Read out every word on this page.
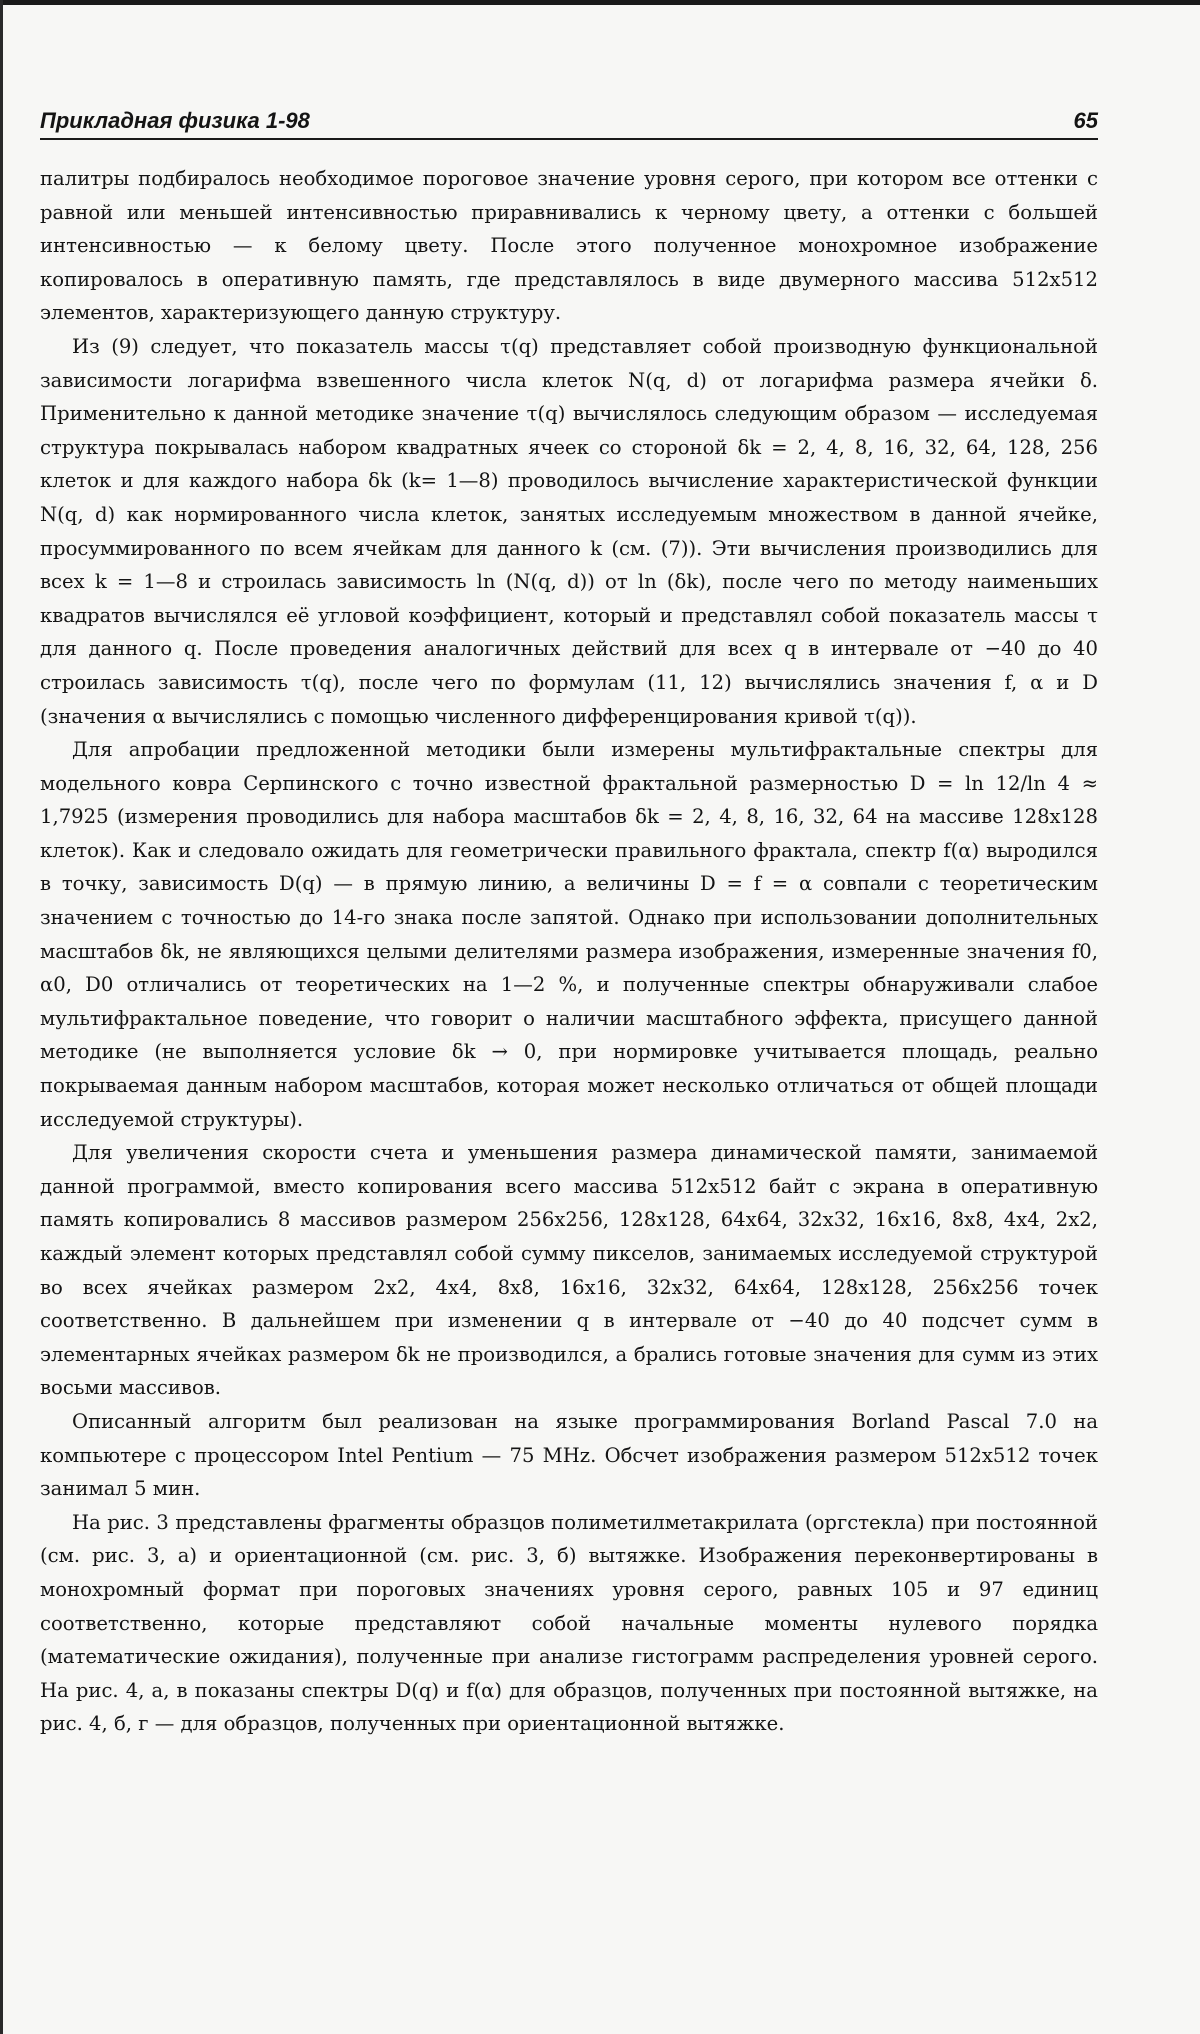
Прикладная физика 1-98	65

палитры подбиралось необходимое пороговое значение уровня серого, при котором все оттенки с равной или меньшей интенсивностью приравнивались к черному цвету, а оттенки с большей интенсивностью — к белому цвету. После этого полученное монохромное изображение копировалось в оперативную память, где представлялось в виде двумерного массива 512х512 элементов, характеризующего данную структуру.

Из (9) следует, что показатель массы τ(q) представляет собой производную функциональной зависимости логарифма взвешенного числа клеток N(q, d) от логарифма размера ячейки δ. Применительно к данной методике значение τ(q) вычислялось следующим образом — исследуемая структура покрывалась набором квадратных ячеек со стороной δk = 2, 4, 8, 16, 32, 64, 128, 256 клеток и для каждого набора δk (k= 1—8) проводилось вычисление характеристической функции N(q, d) как нормированного числа клеток, занятых исследуемым множеством в данной ячейке, просуммированного по всем ячейкам для данного k (см. (7)). Эти вычисления производились для всех k = 1—8 и строилась зависимость ln (N(q, d)) от ln (δk), после чего по методу наименьших квадратов вычислялся её угловой коэффициент, который и представлял собой показатель массы τ для данного q. После проведения аналогичных действий для всех q в интервале от −40 до 40 строилась зависимость τ(q), после чего по формулам (11, 12) вычислялись значения f, α и D (значения α вычислялись с помощью численного дифференцирования кривой τ(q)).

Для апробации предложенной методики были измерены мультифрактальные спектры для модельного ковра Серпинского с точно известной фрактальной размерностью D = ln 12/ln 4 ≈ 1,7925 (измерения проводились для набора масштабов δk = 2, 4, 8, 16, 32, 64 на массиве 128х128 клеток). Как и следовало ожидать для геометрически правильного фрактала, спектр f(α) выродился в точку, зависимость D(q) — в прямую линию, а величины D = f = α совпали с теоретическим значением с точностью до 14-го знака после запятой. Однако при использовании дополнительных масштабов δk, не являющихся целыми делителями размера изображения, измеренные значения f0, α0, D0 отличались от теоретических на 1—2 %, и полученные спектры обнаруживали слабое мультифрактальное поведение, что говорит о наличии масштабного эффекта, присущего данной методике (не выполняется условие δk → 0, при нормировке учитывается площадь, реально покрываемая данным набором масштабов, которая может несколько отличаться от общей площади исследуемой структуры).

Для увеличения скорости счета и уменьшения размера динамической памяти, занимаемой данной программой, вместо копирования всего массива 512х512 байт с экрана в оперативную память копировались 8 массивов размером 256х256, 128х128, 64х64, 32х32, 16х16, 8х8, 4х4, 2х2, каждый элемент которых представлял собой сумму пикселов, занимаемых исследуемой структурой во всех ячейках размером 2х2, 4х4, 8х8, 16х16, 32х32, 64х64, 128х128, 256х256 точек соответственно. В дальнейшем при изменении q в интервале от −40 до 40 подсчет сумм в элементарных ячейках размером δk не производился, а брались готовые значения для сумм из этих восьми массивов.

Описанный алгоритм был реализован на языке программирования Borland Pascal 7.0 на компьютере с процессором Intel Pentium — 75 MHz. Обсчет изображения размером 512х512 точек занимал 5 мин.

На рис. 3 представлены фрагменты образцов полиметилметакрилата (оргстекла) при постоянной (см. рис. 3, а) и ориентационной (см. рис. 3, б) вытяжке. Изображения переконвертированы в монохромный формат при пороговых значениях уровня серого, равных 105 и 97 единиц соответственно, которые представляют собой начальные моменты нулевого порядка (математические ожидания), полученные при анализе гистограмм распределения уровней серого. На рис. 4, а, в показаны спектры D(q) и f(α) для образцов, полученных при постоянной вытяжке, на рис. 4, б, г — для образцов, полученных при ориентационной вытяжке.
